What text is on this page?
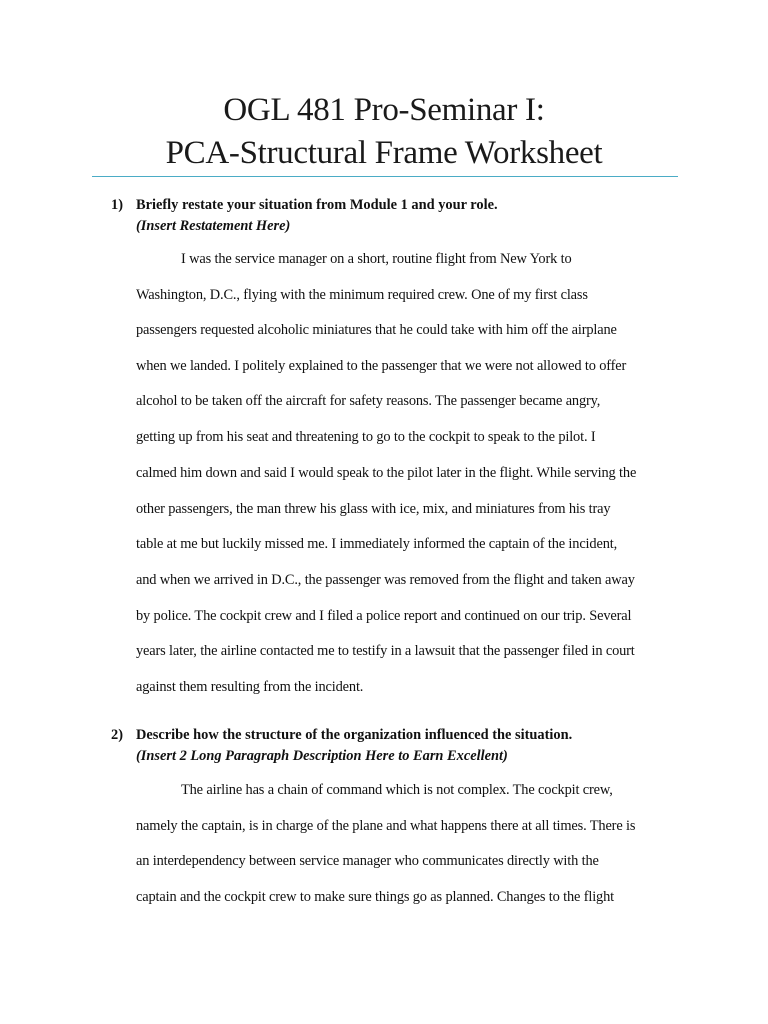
OGL 481 Pro-Seminar I:
PCA-Structural Frame Worksheet
1) Briefly restate your situation from Module 1 and your role.
(Insert Restatement Here)
I was the service manager on a short, routine flight from New York to
Washington, D.C., flying with the minimum required crew. One of my first class
passengers requested alcoholic miniatures that he could take with him off the airplane
when we landed. I politely explained to the passenger that we were not allowed to offer
alcohol to be taken off the aircraft for safety reasons. The passenger became angry,
getting up from his seat and threatening to go to the cockpit to speak to the pilot. I
calmed him down and said I would speak to the pilot later in the flight. While serving the
other passengers, the man threw his glass with ice, mix, and miniatures from his tray
table at me but luckily missed me. I immediately informed the captain of the incident,
and when we arrived in D.C., the passenger was removed from the flight and taken away
by police. The cockpit crew and I filed a police report and continued on our trip. Several
years later, the airline contacted me to testify in a lawsuit that the passenger filed in court
against them resulting from the incident.
2) Describe how the structure of the organization influenced the situation.
(Insert 2 Long Paragraph Description Here to Earn Excellent)
The airline has a chain of command which is not complex. The cockpit crew,
namely the captain, is in charge of the plane and what happens there at all times. There is
an interdependency between service manager who communicates directly with the
captain and the cockpit crew to make sure things go as planned. Changes to the flight
